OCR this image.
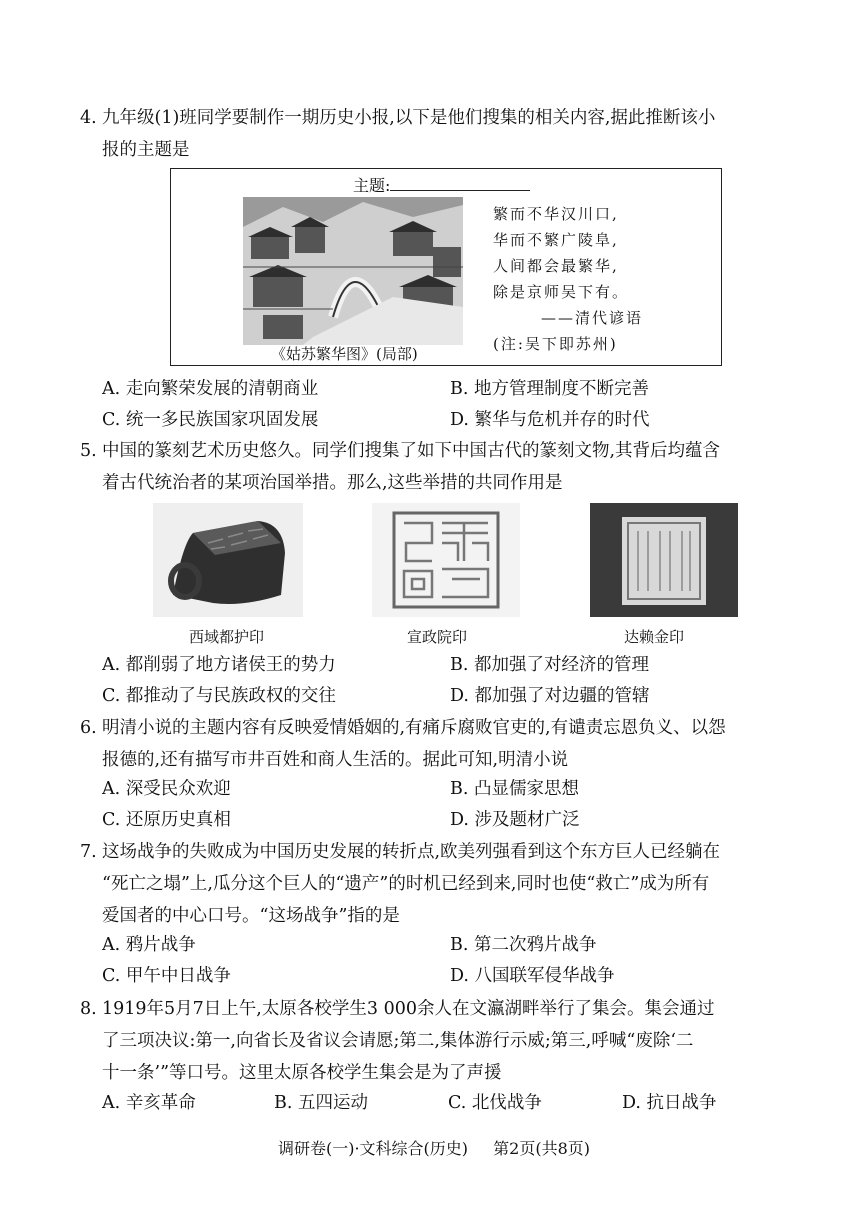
4. 九年级(1)班同学要制作一期历史小报,以下是他们搜集的相关内容,据此推断该小
报的主题是
主题:
《姑苏繁华图》(局部)
繁而不华汉川口,
华而不繁广陵阜,
人间都会最繁华,
除是京师吴下有。
——清代谚语
(注:吴下即苏州)
A. 走向繁荣发展的清朝商业	B. 地方管理制度不断完善
C. 统一多民族国家巩固发展	D. 繁华与危机并存的时代
5. 中国的篆刻艺术历史悠久。同学们搜集了如下中国古代的篆刻文物,其背后均蕴含
着古代统治者的某项治国举措。那么,这些举措的共同作用是
西域都护印	宣政院印	达赖金印
A. 都削弱了地方诸侯王的势力	B. 都加强了对经济的管理
C. 都推动了与民族政权的交往	D. 都加强了对边疆的管辖
6. 明清小说的主题内容有反映爱情婚姻的,有痛斥腐败官吏的,有谴责忘恩负义、以怨
报德的,还有描写市井百姓和商人生活的。据此可知,明清小说
A. 深受民众欢迎	B. 凸显儒家思想
C. 还原历史真相	D. 涉及题材广泛
7. 这场战争的失败成为中国历史发展的转折点,欧美列强看到这个东方巨人已经躺在
“死亡之塌”上,瓜分这个巨人的“遗产”的时机已经到来,同时也使“救亡”成为所有
爱国者的中心口号。“这场战争”指的是
A. 鸦片战争	B. 第二次鸦片战争
C. 甲午中日战争	D. 八国联军侵华战争
8. 1919年5月7日上午,太原各校学生3 000余人在文瀛湖畔举行了集会。集会通过
了三项决议:第一,向省长及省议会请愿;第二,集体游行示威;第三,呼喊“废除‘二
十一条’”等口号。这里太原各校学生集会是为了声援
A. 辛亥革命	B. 五四运动	C. 北伐战争	D. 抗日战争
调研卷(一)·文科综合(历史) 第2页(共8页)
